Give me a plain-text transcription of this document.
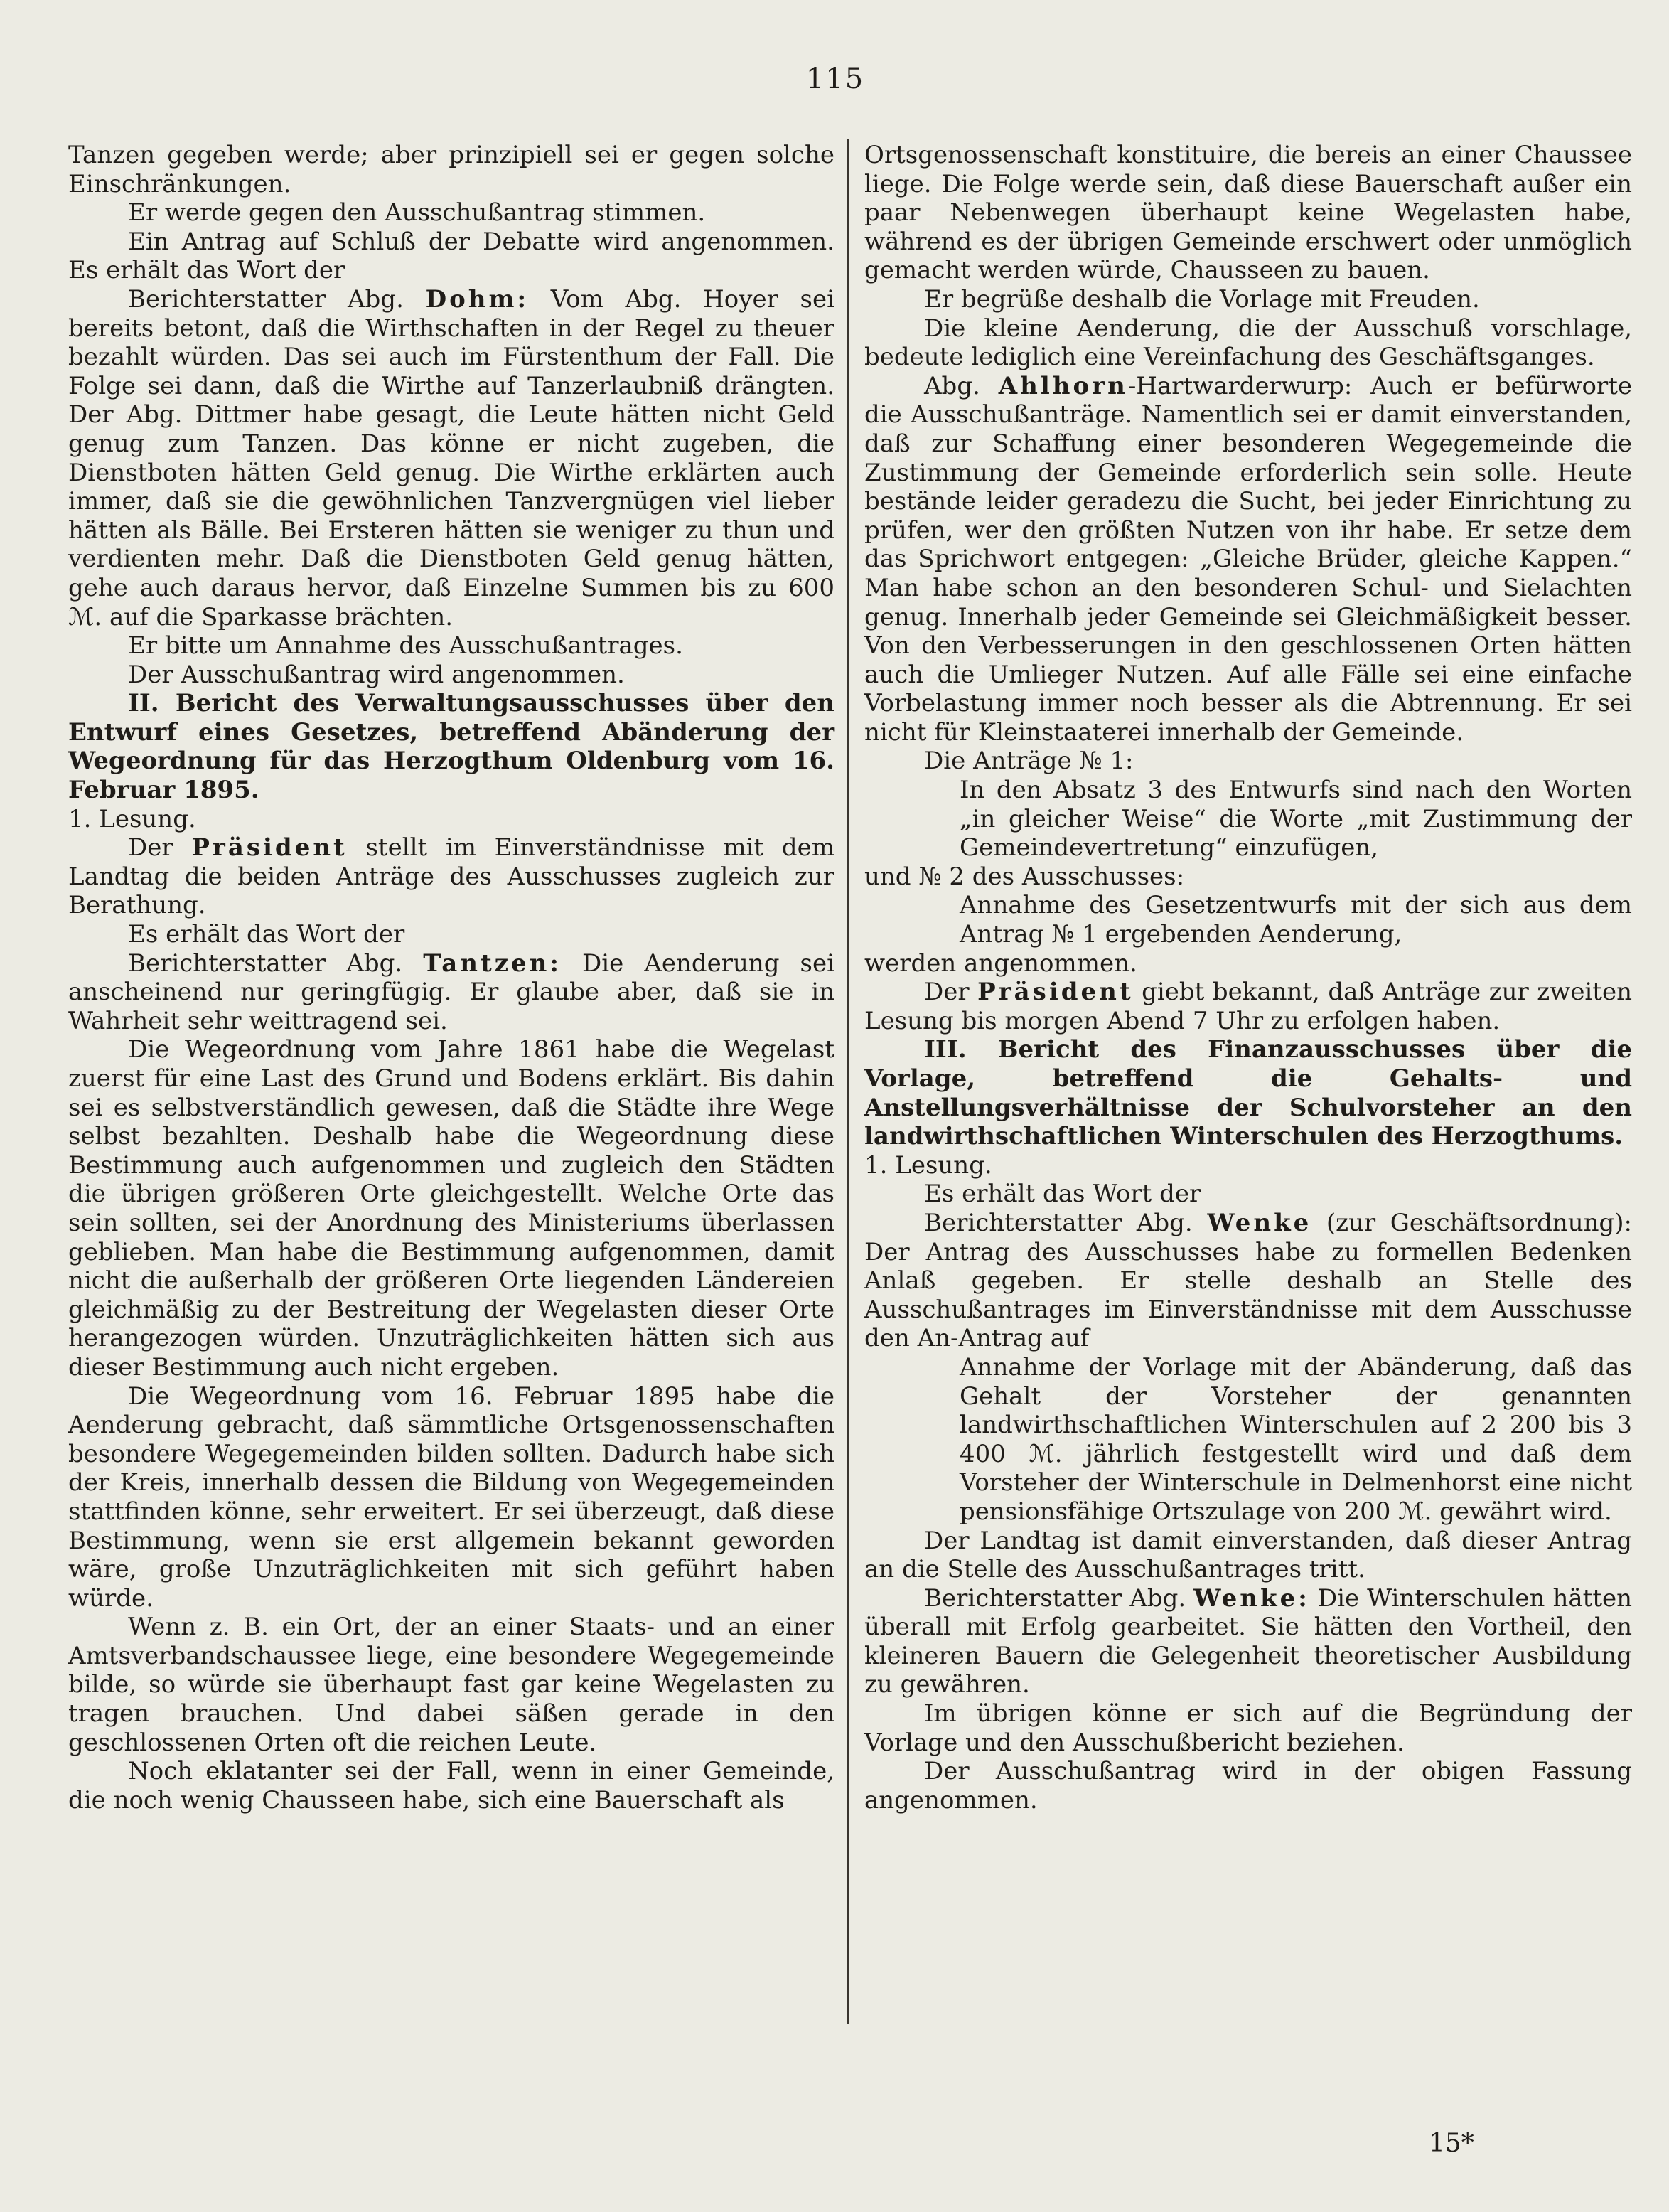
115

Tanzen gegeben werde; aber prinzipiell sei er gegen solche Einschränkungen.

Er werde gegen den Ausschußantrag stimmen.

Ein Antrag auf Schluß der Debatte wird angenommen. Es erhält das Wort der

Berichterstatter Abg. Dohm: Vom Abg. Hoyer sei bereits betont, daß die Wirthschaften in der Regel zu theuer bezahlt würden. Das sei auch im Fürstenthum der Fall. Die Folge sei dann, daß die Wirthe auf Tanzerlaubniß drängten. Der Abg. Dittmer habe gesagt, die Leute hätten nicht Geld genug zum Tanzen. Das könne er nicht zugeben, die Dienstboten hätten Geld genug. Die Wirthe erklärten auch immer, daß sie die gewöhnlichen Tanzvergnügen viel lieber hätten als Bälle. Bei Ersteren hätten sie weniger zu thun und verdienten mehr. Daß die Dienstboten Geld genug hätten, gehe auch daraus hervor, daß Einzelne Summen bis zu 600 ℳ. auf die Sparkasse brächten.

Er bitte um Annahme des Ausschußantrages.

Der Ausschußantrag wird angenommen.

II. Bericht des Verwaltungsausschusses über den Entwurf eines Gesetzes, betreffend Abänderung der Wegeordnung für das Herzogthum Oldenburg vom 16. Februar 1895.

1. Lesung.

Der Präsident stellt im Einverständnisse mit dem Landtag die beiden Anträge des Ausschusses zugleich zur Berathung.

Es erhält das Wort der

Berichterstatter Abg. Tantzen: Die Aenderung sei anscheinend nur geringfügig. Er glaube aber, daß sie in Wahrheit sehr weittragend sei.

Die Wegeordnung vom Jahre 1861 habe die Wegelast zuerst für eine Last des Grund und Bodens erklärt. Bis dahin sei es selbstverständlich gewesen, daß die Städte ihre Wege selbst bezahlten. Deshalb habe die Wegeordnung diese Bestimmung auch aufgenommen und zugleich den Städten die übrigen größeren Orte gleichgestellt. Welche Orte das sein sollten, sei der Anordnung des Ministeriums überlassen geblieben. Man habe die Bestimmung aufgenommen, damit nicht die außerhalb der größeren Orte liegenden Ländereien gleichmäßig zu der Bestreitung der Wegelasten dieser Orte herangezogen würden. Unzuträglichkeiten hätten sich aus dieser Bestimmung auch nicht ergeben.

Die Wegeordnung vom 16. Februar 1895 habe die Aenderung gebracht, daß sämmtliche Ortsgenossenschaften besondere Wegegemeinden bilden sollten. Dadurch habe sich der Kreis, innerhalb dessen die Bildung von Wegegemeinden stattfinden könne, sehr erweitert. Er sei überzeugt, daß diese Bestimmung, wenn sie erst allgemein bekannt geworden wäre, große Unzuträglichkeiten mit sich geführt haben würde.

Wenn z. B. ein Ort, der an einer Staats- und an einer Amtsverbandschaussee liege, eine besondere Wegegemeinde bilde, so würde sie überhaupt fast gar keine Wegelasten zu tragen brauchen. Und dabei säßen gerade in den geschlossenen Orten oft die reichen Leute.

Noch eklatanter sei der Fall, wenn in einer Gemeinde, die noch wenig Chausseen habe, sich eine Bauerschaft als

Ortsgenossenschaft konstituire, die bereis an einer Chaussee liege. Die Folge werde sein, daß diese Bauerschaft außer ein paar Nebenwegen überhaupt keine Wegelasten habe, während es der übrigen Gemeinde erschwert oder unmöglich gemacht werden würde, Chausseen zu bauen.

Er begrüße deshalb die Vorlage mit Freuden.

Die kleine Aenderung, die der Ausschuß vorschlage, bedeute lediglich eine Vereinfachung des Geschäftsganges.

Abg. Ahlhorn-Hartwarderwurp: Auch er befürworte die Ausschußanträge. Namentlich sei er damit einverstanden, daß zur Schaffung einer besonderen Wegegemeinde die Zustimmung der Gemeinde erforderlich sein solle. Heute bestände leider geradezu die Sucht, bei jeder Einrichtung zu prüfen, wer den größten Nutzen von ihr habe. Er setze dem das Sprichwort entgegen: „Gleiche Brüder, gleiche Kappen.“ Man habe schon an den besonderen Schul- und Sielachten genug. Innerhalb jeder Gemeinde sei Gleichmäßigkeit besser. Von den Verbesserungen in den geschlossenen Orten hätten auch die Umlieger Nutzen. Auf alle Fälle sei eine einfache Vorbelastung immer noch besser als die Abtrennung. Er sei nicht für Kleinstaaterei innerhalb der Gemeinde.

Die Anträge № 1:

In den Absatz 3 des Entwurfs sind nach den Worten „in gleicher Weise“ die Worte „mit Zustimmung der Gemeindevertretung“ einzufügen,

und № 2 des Ausschusses:

Annahme des Gesetzentwurfs mit der sich aus dem Antrag № 1 ergebenden Aenderung,

werden angenommen.

Der Präsident giebt bekannt, daß Anträge zur zweiten Lesung bis morgen Abend 7 Uhr zu erfolgen haben.

III. Bericht des Finanzausschusses über die Vorlage, betreffend die Gehalts- und Anstellungsverhältnisse der Schulvorsteher an den landwirthschaftlichen Winterschulen des Herzogthums.

1. Lesung.

Es erhält das Wort der

Berichterstatter Abg. Wenke (zur Geschäftsordnung): Der Antrag des Ausschusses habe zu formellen Bedenken Anlaß gegeben. Er stelle deshalb an Stelle des Ausschußantrages im Einverständnisse mit dem Ausschusse den An-Antrag auf

Annahme der Vorlage mit der Abänderung, daß das Gehalt der Vorsteher der genannten landwirthschaftlichen Winterschulen auf 2 200 bis 3 400 ℳ. jährlich festgestellt wird und daß dem Vorsteher der Winterschule in Delmenhorst eine nicht pensionsfähige Ortszulage von 200 ℳ. gewährt wird.

Der Landtag ist damit einverstanden, daß dieser Antrag an die Stelle des Ausschußantrages tritt.

Berichterstatter Abg. Wenke: Die Winterschulen hätten überall mit Erfolg gearbeitet. Sie hätten den Vortheil, den kleineren Bauern die Gelegenheit theoretischer Ausbildung zu gewähren.

Im übrigen könne er sich auf die Begründung der Vorlage und den Ausschußbericht beziehen.

Der Ausschußantrag wird in der obigen Fassung angenommen.

15*
